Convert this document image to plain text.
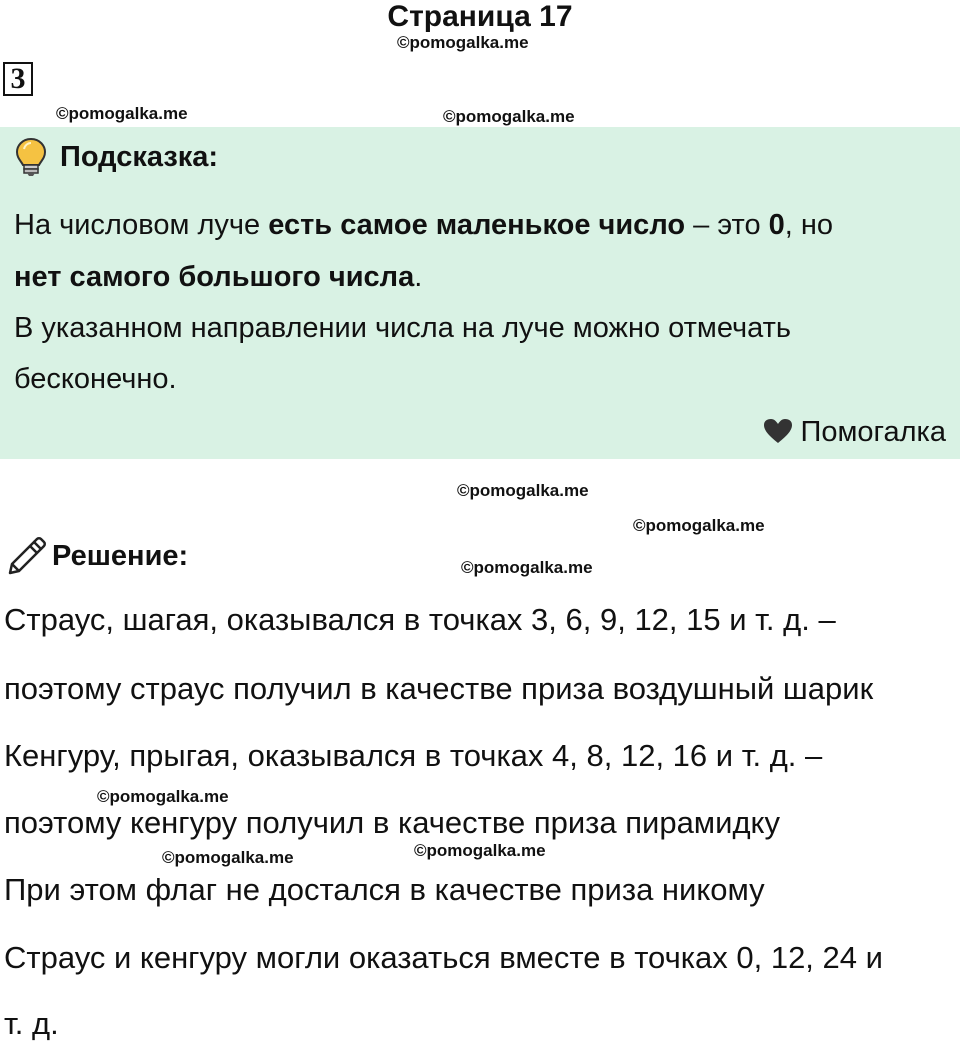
Страница 17
©pomogalka.me
3
©pomogalka.me	©pomogalka.me
Подсказка:
На числовом луче есть самое маленькое число – это 0, но
нет самого большого числа.
В указанном направлении числа на луче можно отмечать
бесконечно.
Помогалка
©pomogalka.me
©pomogalka.me
Решение:	©pomogalka.me
Страус, шагая, оказывался в точках 3, 6, 9, 12, 15 и т. д. –
поэтому страус получил в качестве приза воздушный шарик
Кенгуру, прыгая, оказывался в точках 4, 8, 12, 16 и т. д. –
©pomogalka.me
поэтому кенгуру получил в качестве приза пирамидку
©pomogalka.me
©pomogalka.me
При этом флаг не достался в качестве приза никому
Страус и кенгуру могли оказаться вместе в точках 0, 12, 24 и
т. д.
